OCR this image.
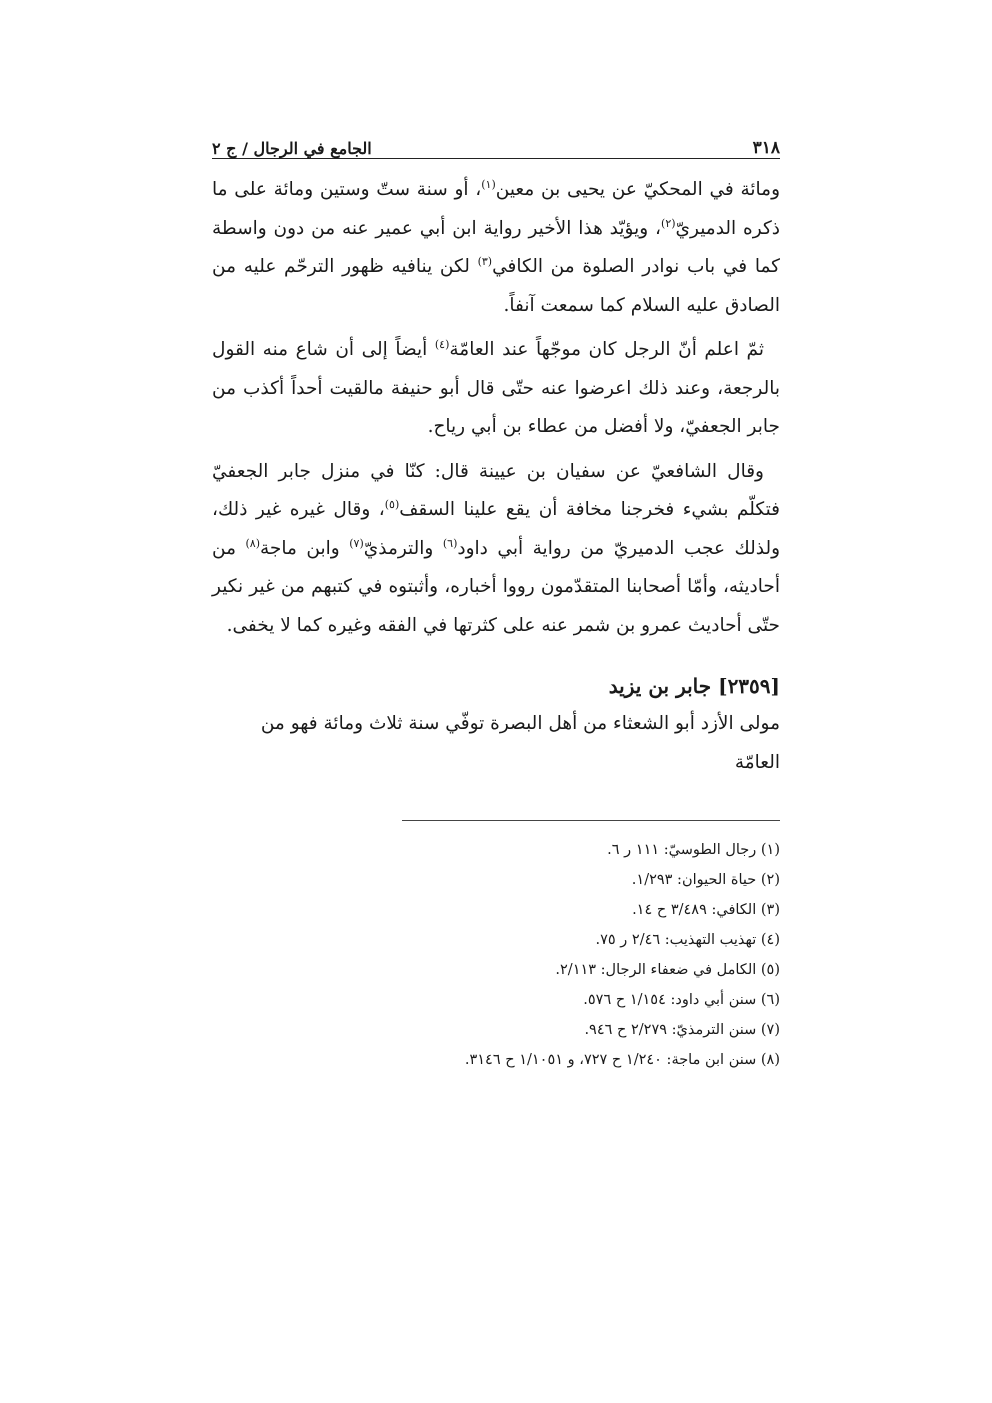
٣١٨
الجامع في الرجال / ج ٢

ومائة في المحكيّ عن يحيى بن معين$^{(١)}$، أو سنة ستّ وستين ومائة على ما ذكره الدميريّ$^{(٢)}$، ويؤيّد هذا الأخير رواية ابن أبي عمير عنه من دون واسطة كما في باب نوادر الصلوة من الكافي$^{(٣)}$ لكن ينافيه ظهور الترحّم عليه من الصادق عليه السلام كما سمعت آنفاً.

ثمّ اعلم أنّ الرجل كان موجّهاً عند العامّة$^{(٤)}$ أيضاً إلى أن شاع منه القول بالرجعة، وعند ذلك اعرضوا عنه حتّى قال أبو حنيفة مالقيت أحداً أكذب من جابر الجعفيّ، ولا أفضل من عطاء بن أبي رياح.

وقال الشافعيّ عن سفيان بن عيينة قال: كنّا في منزل جابر الجعفيّ فتكلّم بشيء فخرجنا مخافة أن يقع علينا السقف$^{(٥)}$، وقال غيره غير ذلك، ولذلك عجب الدميريّ من رواية أبي داود$^{(٦)}$ والترمذيّ$^{(٧)}$ وابن ماجة$^{(٨)}$ من أحاديثه، وأمّا أصحابنا المتقدّمون رووا أخباره، وأثبتوه في كتبهم من غير نكير حتّى أحاديث عمرو بن شمر عنه على كثرتها في الفقه وغيره كما لا يخفى.

[٢٣٥٩] جابر بن يزيد
مولى الأزد أبو الشعثاء من أهل البصرة توفّي سنة ثلاث ومائة فهو من العامّة
(١) رجال الطوسيّ: ١١١ ر ٦.
(٢) حياة الحيوان: ١/٢٩٣.
(٣) الكافي: ٣/٤٨٩ ح ١٤.
(٤) تهذيب التهذيب: ٢/٤٦ ر ٧٥.
(٥) الكامل في ضعفاء الرجال: ٢/١١٣.
(٦) سنن أبي داود: ١/١٥٤ ح ٥٧٦.
(٧) سنن الترمذيّ: ٢/٢٧٩ ح ٩٤٦.
(٨) سنن ابن ماجة: ١/٢٤٠ ح ٧٢٧، و ١/١٠٥١ ح ٣١٤٦.
